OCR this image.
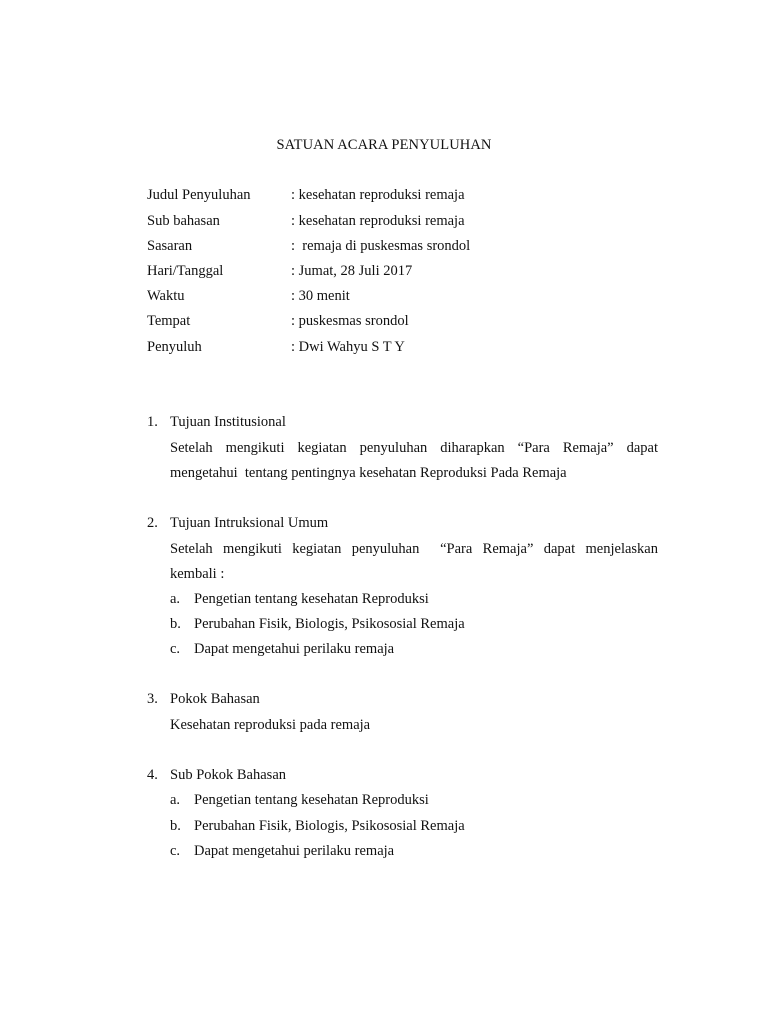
SATUAN ACARA PENYULUHAN
Judul Penyuluhan	: kesehatan reproduksi remaja
Sub bahasan	: kesehatan reproduksi remaja
Sasaran	:  remaja di puskesmas srondol
Hari/Tanggal	: Jumat, 28 Juli 2017
Waktu	: 30 menit
Tempat	: puskesmas srondol
Penyuluh	: Dwi Wahyu S T Y
1. Tujuan Institusional
Setelah mengikuti kegiatan penyuluhan diharapkan “Para Remaja” dapat
mengetahui  tentang pentingnya kesehatan Reproduksi Pada Remaja
2. Tujuan Intruksional Umum
Setelah mengikuti kegiatan penyuluhan  “Para Remaja” dapat menjelaskan
kembali :
a. Pengetian tentang kesehatan Reproduksi
b. Perubahan Fisik, Biologis, Psikososial Remaja
c. Dapat mengetahui perilaku remaja
3. Pokok Bahasan
Kesehatan reproduksi pada remaja
4. Sub Pokok Bahasan
a. Pengetian tentang kesehatan Reproduksi
b. Perubahan Fisik, Biologis, Psikososial Remaja
c. Dapat mengetahui perilaku remaja
